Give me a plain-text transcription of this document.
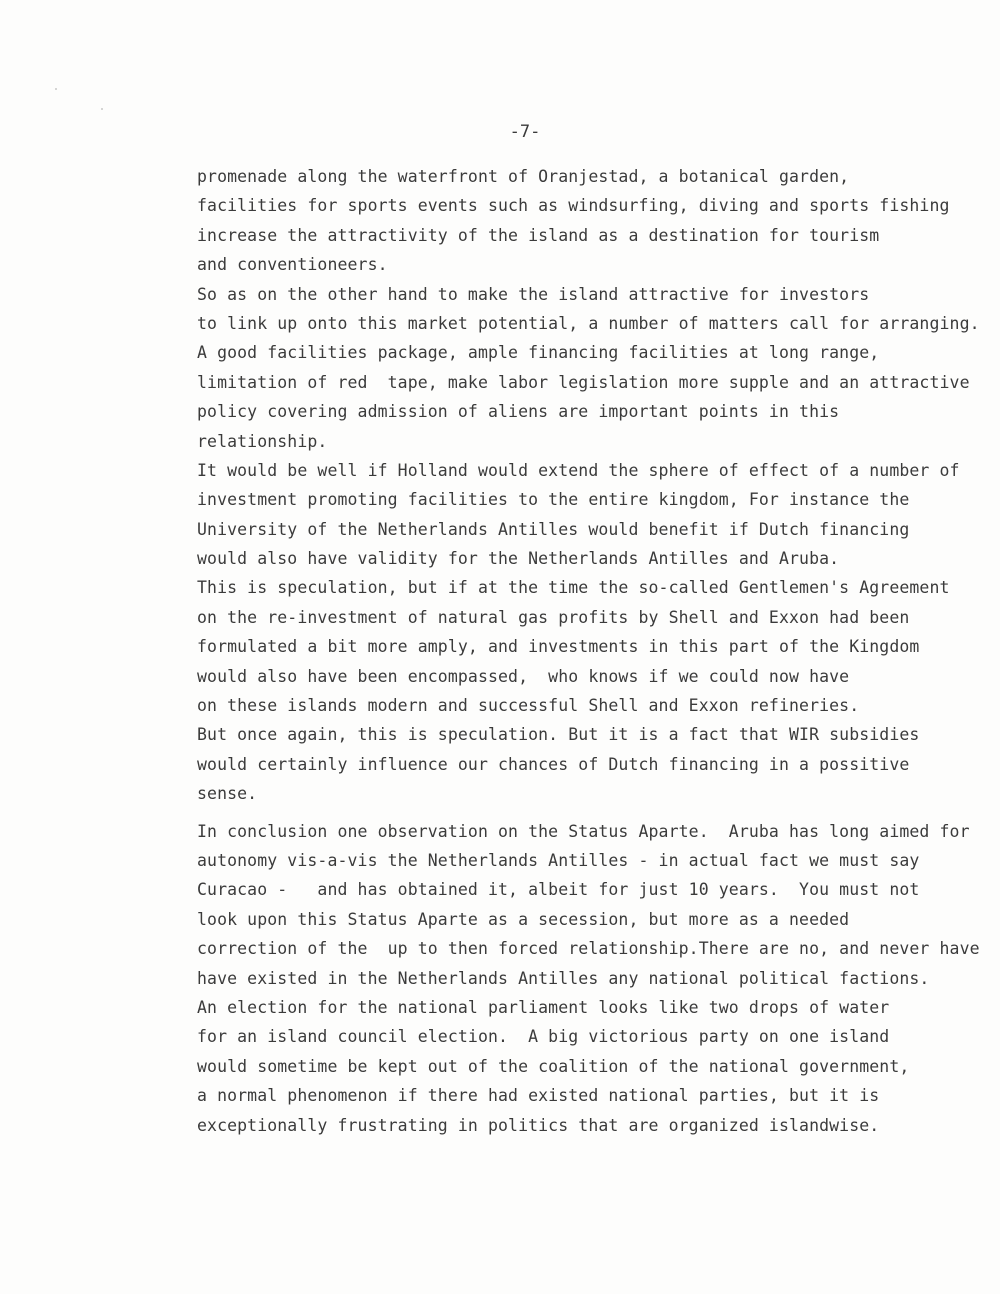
-7-
promenade along the waterfront of Oranjestad, a botanical garden,
facilities for sports events such as windsurfing, diving and sports fishing
increase the attractivity of the island as a destination for tourism
and conventioneers.
So as on the other hand to make the island attractive for investors
to link up onto this market potential, a number of matters call for arranging.
A good facilities package, ample financing facilities at long range,
limitation of red  tape, make labor legislation more supple and an attractive
policy covering admission of aliens are important points in this
relationship.
It would be well if Holland would extend the sphere of effect of a number of
investment promoting facilities to the entire kingdom, For instance the
University of the Netherlands Antilles would benefit if Dutch financing
would also have validity for the Netherlands Antilles and Aruba.
This is speculation, but if at the time the so-called Gentlemen's Agreement
on the re-investment of natural gas profits by Shell and Exxon had been
formulated a bit more amply, and investments in this part of the Kingdom
would also have been encompassed,  who knows if we could now have
on these islands modern and successful Shell and Exxon refineries.
But once again, this is speculation. But it is a fact that WIR subsidies
would certainly influence our chances of Dutch financing in a possitive
sense.
In conclusion one observation on the Status Aparte.  Aruba has long aimed for
autonomy vis-a-vis the Netherlands Antilles - in actual fact we must say
Curacao -   and has obtained it, albeit for just 10 years.  You must not
look upon this Status Aparte as a secession, but more as a needed
correction of the  up to then forced relationship.There are no, and never have
have existed in the Netherlands Antilles any national political factions.
An election for the national parliament looks like two drops of water
for an island council election.  A big victorious party on one island
would sometime be kept out of the coalition of the national government,
a normal phenomenon if there had existed national parties, but it is
exceptionally frustrating in politics that are organized islandwise.
